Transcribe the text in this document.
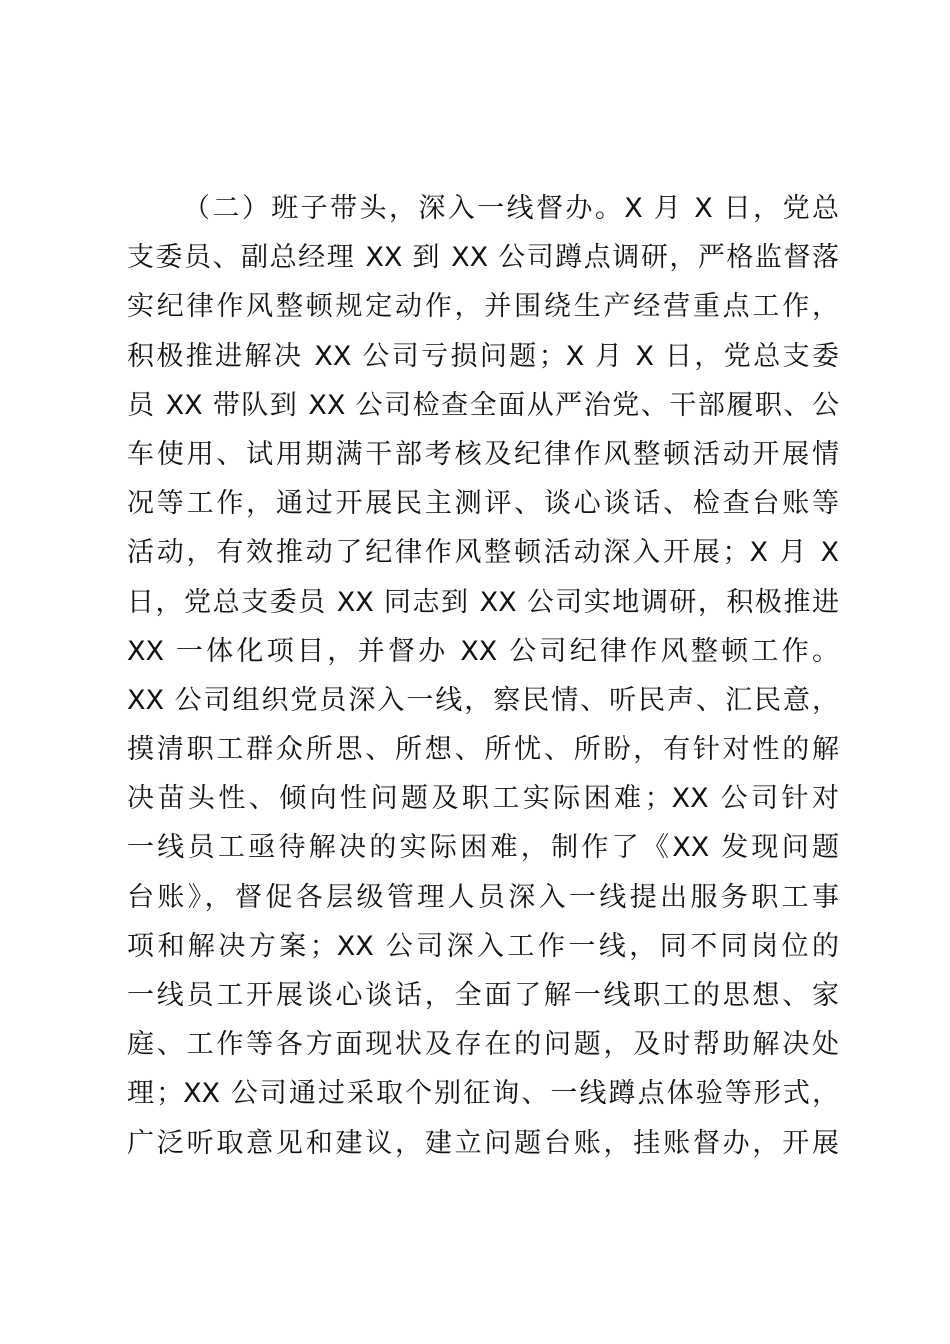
（二）班子带头，深入一线督办。X 月 X 日，党总
支委员、副总经理 XX 到 XX 公司蹲点调研，严格监督落
实纪律作风整顿规定动作，并围绕生产经营重点工作，
积极推进解决 XX 公司亏损问题；X 月 X 日，党总支委
员 XX 带队到 XX 公司检查全面从严治党、干部履职、公
车使用、试用期满干部考核及纪律作风整顿活动开展情
况等工作，通过开展民主测评、谈心谈话、检查台账等
活动，有效推动了纪律作风整顿活动深入开展；X 月 X
日，党总支委员 XX 同志到 XX 公司实地调研，积极推进
XX 一体化项目，并督办 XX 公司纪律作风整顿工作。
XX 公司组织党员深入一线，察民情、听民声、汇民意，
摸清职工群众所思、所想、所忧、所盼，有针对性的解
决苗头性、倾向性问题及职工实际困难；XX 公司针对
一线员工亟待解决的实际困难，制作了《XX 发现问题
台账》，督促各层级管理人员深入一线提出服务职工事
项和解决方案；XX 公司深入工作一线，同不同岗位的
一线员工开展谈心谈话，全面了解一线职工的思想、家
庭、工作等各方面现状及存在的问题，及时帮助解决处
理；XX 公司通过采取个别征询、一线蹲点体验等形式，
广泛听取意见和建议，建立问题台账，挂账督办，开展
